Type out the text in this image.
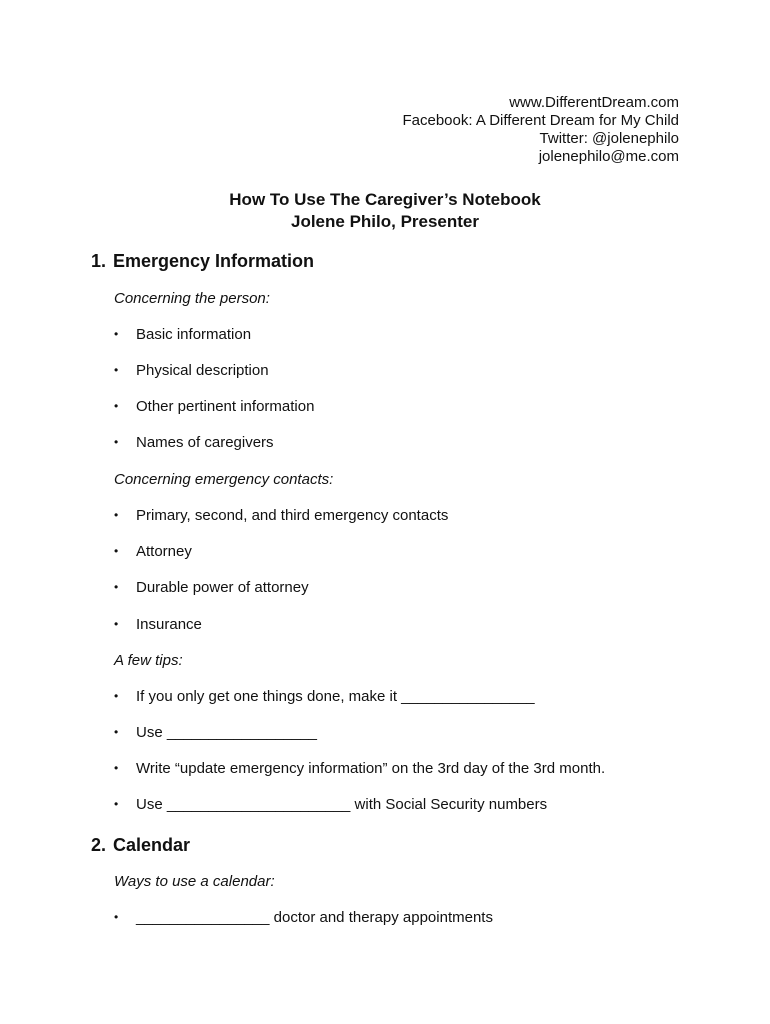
www.DifferentDream.com
Facebook: A Different Dream for My Child
Twitter: @jolenephilo
jolenephilo@me.com
How To Use The Caregiver’s Notebook
Jolene Philo, Presenter
1. Emergency Information
Concerning the person:
• Basic information
• Physical description
• Other pertinent information
• Names of caregivers
Concerning emergency contacts:
• Primary, second, and third emergency contacts
• Attorney
• Durable power of attorney
• Insurance
A few tips:
• If you only get one things done, make it ________________
• Use __________________
• Write “update emergency information” on the 3rd day of the 3rd month.
• Use ______________________ with Social Security numbers
2. Calendar
Ways to use a calendar:
• ________________ doctor and therapy appointments
